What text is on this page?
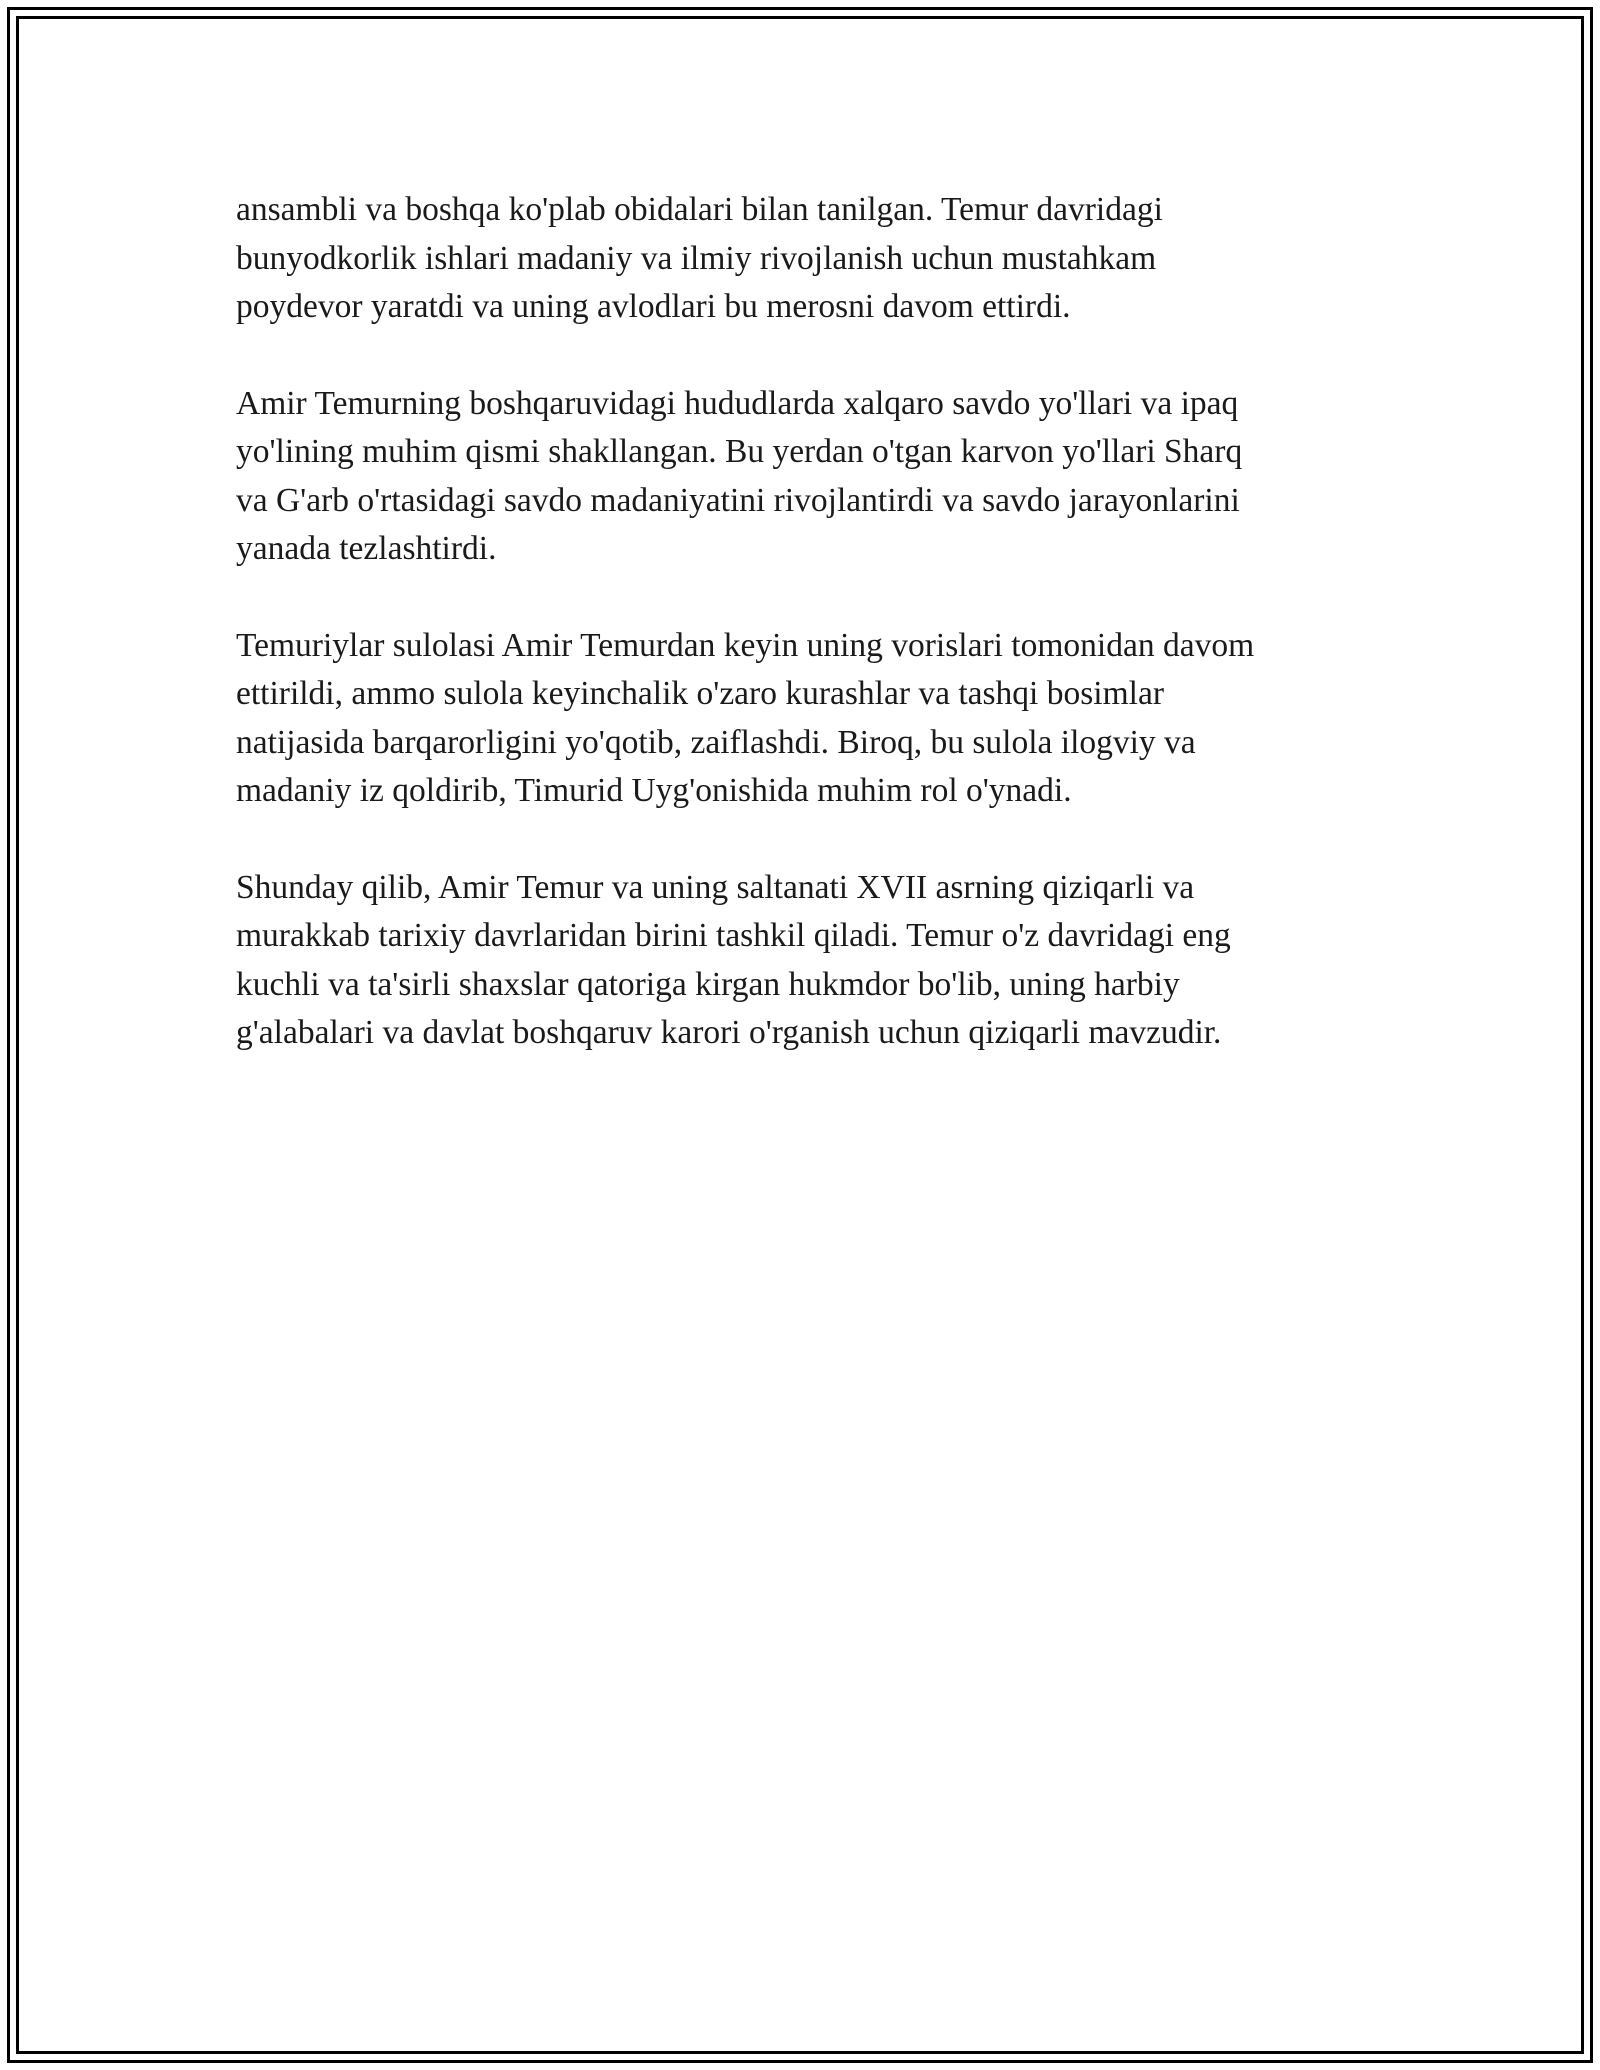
ansambli va boshqa ko'plab obidalari bilan tanilgan. Temur davridagi
bunyodkorlik ishlari madaniy va ilmiy rivojlanish uchun mustahkam
poydevor yaratdi va uning avlodlari bu merosni davom ettirdi.

Amir Temurning boshqaruvidagi hududlarda xalqaro savdo yo'llari va ipaq
yo'lining muhim qismi shakllangan. Bu yerdan o'tgan karvon yo'llari Sharq
va G'arb o'rtasidagi savdo madaniyatini rivojlantirdi va savdo jarayonlarini
yanada tezlashtirdi.

Temuriylar sulolasi Amir Temurdan keyin uning vorislari tomonidan davom
ettirildi, ammo sulola keyinchalik o'zaro kurashlar va tashqi bosimlar
natijasida barqarorligini yo'qotib, zaiflashdi. Biroq, bu sulola ilogviy va
madaniy iz qoldirib, Timurid Uyg'onishida muhim rol o'ynadi.

Shunday qilib, Amir Temur va uning saltanati XVII asrning qiziqarli va
murakkab tarixiy davrlaridan birini tashkil qiladi. Temur o'z davridagi eng
kuchli va ta'sirli shaxslar qatoriga kirgan hukmdor bo'lib, uning harbiy
g'alabalari va davlat boshqaruv karori o'rganish uchun qiziqarli mavzudir.
